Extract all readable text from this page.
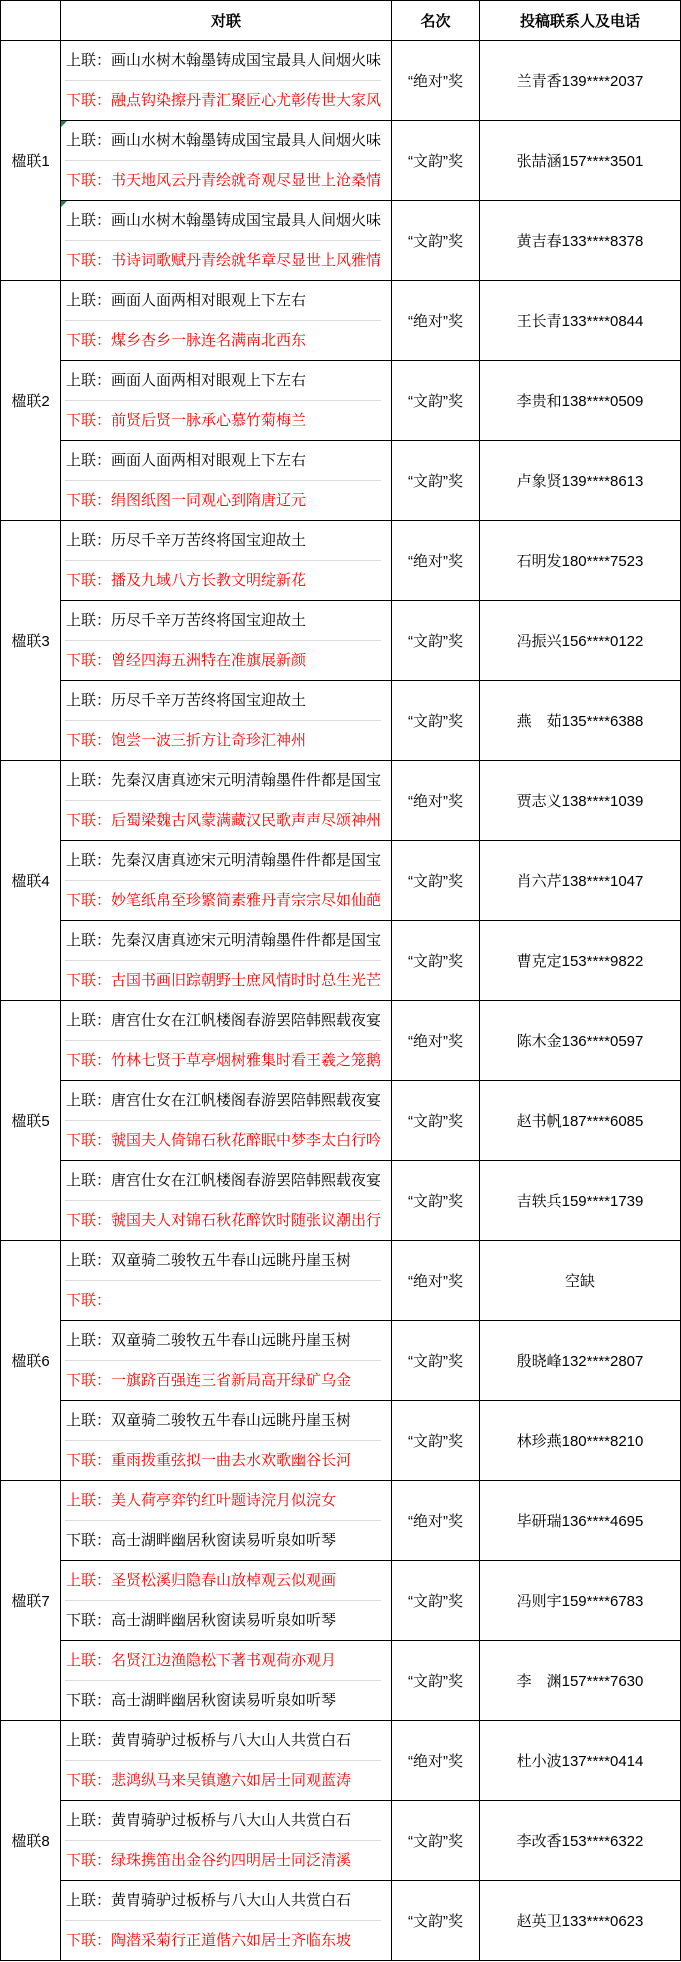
	对联	名次	投稿联系人及电话
楹联1	上联：画山水树木翰墨铸成国宝最具人间烟火味
下联：融点钩染擦丹青汇聚匠心尤彰传世大家风	“绝对”奖	兰青香139****2037

	上联：画山水树木翰墨铸成国宝最具人间烟火味
下联：书天地风云丹青绘就奇观尽显世上沧桑情	“文韵”奖	张喆涵157****3501

	上联：画山水树木翰墨铸成国宝最具人间烟火味
下联：书诗词歌赋丹青绘就华章尽显世上风雅情	“文韵”奖	黄吉春133****8378
楹联2	上联：画面人面两相对眼观上下左右
下联：煤乡杏乡一脉连名满南北西东	“绝对”奖	王长青133****0844

	上联：画面人面两相对眼观上下左右
下联：前贤后贤一脉承心慕竹菊梅兰	“文韵”奖	李贵和138****0509

	上联：画面人面两相对眼观上下左右
下联：绢图纸图一同观心到隋唐辽元	“文韵”奖	卢象贤139****8613
楹联3	上联：历尽千辛万苦终将国宝迎故土
下联：播及九域八方长教文明绽新花	“绝对”奖	石明发180****7523

	上联：历尽千辛万苦终将国宝迎故土
下联：曾经四海五洲特在准旗展新颜	“文韵”奖	冯振兴156****0122

	上联：历尽千辛万苦终将国宝迎故土
下联：饱尝一波三折方让奇珍汇神州	“文韵”奖	燕　茹135****6388
楹联4	上联：先秦汉唐真迹宋元明清翰墨件件都是国宝
下联：后蜀梁魏古风蒙满藏汉民歌声声尽颂神州	“绝对”奖	贾志义138****1039

	上联：先秦汉唐真迹宋元明清翰墨件件都是国宝
下联：妙笔纸帛至珍繁简素雅丹青宗宗尽如仙葩	“文韵”奖	肖六芹138****1047

	上联：先秦汉唐真迹宋元明清翰墨件件都是国宝
下联：古国书画旧踪朝野士庶风情时时总生光芒	“文韵”奖	曹克定153****9822
楹联5	上联：唐宫仕女在江帆楼阁春游罢陪韩熙载夜宴
下联：竹林七贤于草亭烟树雅集时看王羲之笼鹅	“绝对”奖	陈木金136****0597

	上联：唐宫仕女在江帆楼阁春游罢陪韩熙载夜宴
下联：虢国夫人倚锦石秋花醉眠中梦李太白行吟	“文韵”奖	赵书帆187****6085

	上联：唐宫仕女在江帆楼阁春游罢陪韩熙载夜宴
下联：虢国夫人对锦石秋花醉饮时随张议潮出行	“文韵”奖	吉轶兵159****1739
楹联6	上联：双童骑二骏牧五牛春山远眺丹崖玉树
下联：	“绝对”奖	空缺

	上联：双童骑二骏牧五牛春山远眺丹崖玉树
下联：一旗跻百强连三省新局高开绿矿乌金	“文韵”奖	殷晓峰132****2807

	上联：双童骑二骏牧五牛春山远眺丹崖玉树
下联：重雨拨重弦拟一曲去水欢歌幽谷长河	“文韵”奖	林珍燕180****8210
楹联7	上联：美人荷亭弈钓红叶题诗浣月似浣女
下联：高士湖畔幽居秋窗读易听泉如听琴	“绝对”奖	毕研瑞136****4695

	上联：圣贤松溪归隐春山放棹观云似观画
下联：高士湖畔幽居秋窗读易听泉如听琴	“文韵”奖	冯则宇159****6783

	上联：名贤江边渔隐松下著书观荷亦观月
下联：高士湖畔幽居秋窗读易听泉如听琴	“文韵”奖	李　渊157****7630
楹联8	上联：黄胄骑驴过板桥与八大山人共赏白石
下联：悲鸿纵马来吴镇邀六如居士同观蓝涛	“绝对”奖	杜小波137****0414

	上联：黄胄骑驴过板桥与八大山人共赏白石
下联：绿珠携笛出金谷约四明居士同泛清溪	“文韵”奖	李改香153****6322

	上联：黄胄骑驴过板桥与八大山人共赏白石
下联：陶潜采菊行正道偕六如居士齐临东坡	“文韵”奖	赵英卫133****0623
